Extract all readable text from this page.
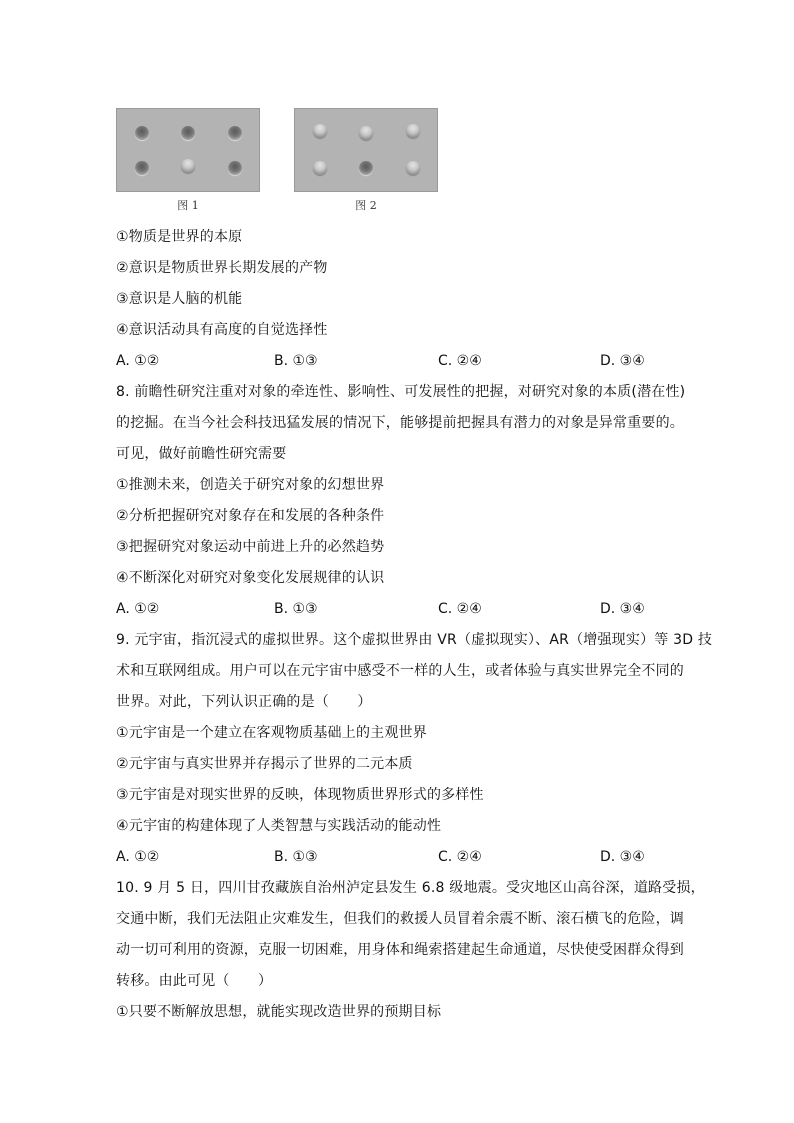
图 1	图 2
①物质是世界的本原
②意识是物质世界长期发展的产物
③意识是人脑的机能
④意识活动具有高度的自觉选择性
A. ①②	B. ①③	C. ②④	D. ③④
8. 前瞻性研究注重对对象的牵连性、影响性、可发展性的把握，对研究对象的本质(潜在性)
的挖掘。在当今社会科技迅猛发展的情况下，能够提前把握具有潜力的对象是异常重要的。
可见，做好前瞻性研究需要
①推测未来，创造关于研究对象的幻想世界
②分析把握研究对象存在和发展的各种条件
③把握研究对象运动中前进上升的必然趋势
④不断深化对研究对象变化发展规律的认识
A. ①②	B. ①③	C. ②④	D. ③④
9. 元宇宙，指沉浸式的虚拟世界。这个虚拟世界由 VR（虚拟现实）、AR（增强现实）等 3D 技
术和互联网组成。用户可以在元宇宙中感受不一样的人生，或者体验与真实世界完全不同的
世界。对此，下列认识正确的是（　　）
①元宇宙是一个建立在客观物质基础上的主观世界
②元宇宙与真实世界并存揭示了世界的二元本质
③元宇宙是对现实世界的反映，体现物质世界形式的多样性
④元宇宙的构建体现了人类智慧与实践活动的能动性
A. ①②	B. ①③	C. ②④	D. ③④
10. 9 月 5 日，四川甘孜藏族自治州泸定县发生 6.8 级地震。受灾地区山高谷深，道路受损，
交通中断，我们无法阻止灾难发生，但我们的救援人员冒着余震不断、滚石横飞的危险，调
动一切可利用的资源，克服一切困难，用身体和绳索搭建起生命通道，尽快使受困群众得到
转移。由此可见（　　）
①只要不断解放思想，就能实现改造世界的预期目标
